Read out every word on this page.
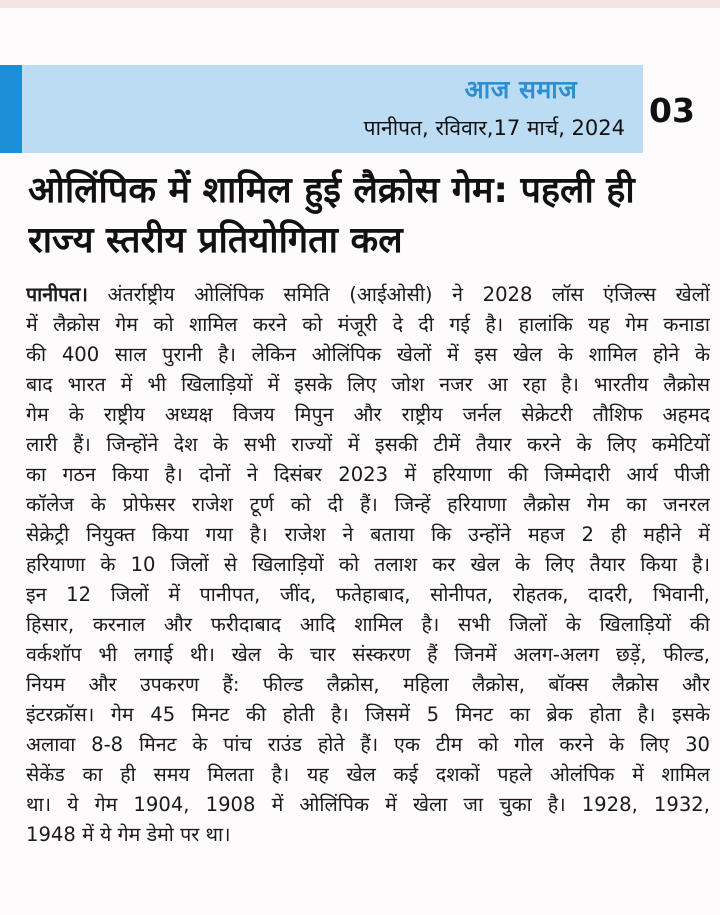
आज समाज
पानीपत, रविवार,17 मार्च, 2024 03
ओलिंपिक में शामिल हुई लैक्रोस गेम: पहली ही
राज्य स्तरीय प्रतियोगिता कल
पानीपत। अंतर्राष्ट्रीय ओलिंपिक समिति (आईओसी) ने 2028 लॉस एंजिल्स खेलों
में लैक्रोस गेम को शामिल करने को मंजूरी दे दी गई है। हालांकि यह गेम कनाडा
की 400 साल पुरानी है। लेकिन ओलिंपिक खेलों में इस खेल के शामिल होने के
बाद भारत में भी खिलाड़ियों में इसके लिए जोश नजर आ रहा है। भारतीय लैक्रोस
गेम के राष्ट्रीय अध्यक्ष विजय मिपुन और राष्ट्रीय जर्नल सेक्रेटरी तौशिफ अहमद
लारी हैं। जिन्होंने देश के सभी राज्यों में इसकी टीमें तैयार करने के लिए कमेटियों
का गठन किया है। दोनों ने दिसंबर 2023 में हरियाणा की जिम्मेदारी आर्य पीजी
कॉलेज के प्रोफेसर राजेश टूर्ण को दी हैं। जिन्हें हरियाणा लैक्रोस गेम का जनरल
सेक्रेट्री नियुक्त किया गया है। राजेश ने बताया कि उन्होंने महज 2 ही महीने में
हरियाणा के 10 जिलों से खिलाड़ियों को तलाश कर खेल के लिए तैयार किया है।
इन 12 जिलों में पानीपत, जींद, फतेहाबाद, सोनीपत, रोहतक, दादरी, भिवानी,
हिसार, करनाल और फरीदाबाद आदि शामिल है। सभी जिलों के खिलाड़ियों की
वर्कशॉप भी लगाई थी। खेल के चार संस्करण हैं जिनमें अलग-अलग छड़ें, फील्ड,
नियम और उपकरण हैं: फील्ड लैक्रोस, महिला लैक्रोस, बॉक्स लैक्रोस और
इंटरक्रॉस। गेम 45 मिनट की होती है। जिसमें 5 मिनट का ब्रेक होता है। इसके
अलावा 8-8 मिनट के पांच राउंड होते हैं। एक टीम को गोल करने के लिए 30
सेकेंड का ही समय मिलता है। यह खेल कई दशकों पहले ओलंपिक में शामिल
था। ये गेम 1904, 1908 में ओलिंपिक में खेला जा चुका है। 1928, 1932,
1948 में ये गेम डेमो पर था।
